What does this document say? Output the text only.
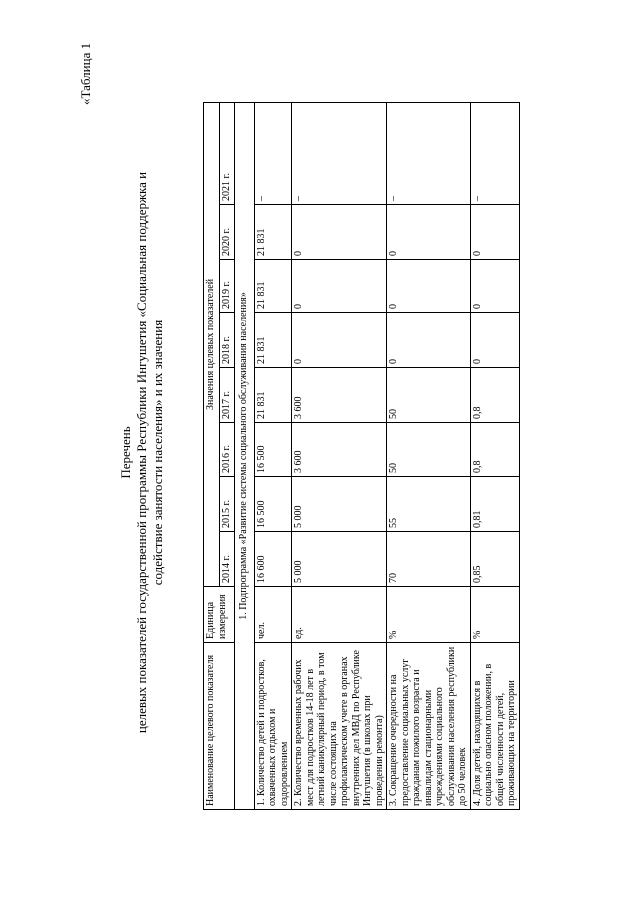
«Таблица 1
Перечень целевых показателей государственной программы Республики Ингушетия «Социальная поддержка и содействие занятости населения» и их значения
Наименование целевого показателя	Единица измерения	Значения целевых показателей							
		2014 г.	2015 г.	2016 г.	2017 г.	2018 г.	2019 г.	2020 г.	2021 г.
1. Подпрограмма «Развитие системы социального обслуживания населения»									
1. Количество детей и подростков, охваченных отдыхом и оздоровлением	чел.	16 600	16 500	16 500	21 831	21 831	21 831	21 831	–
2. Количество временных рабочих мест для подростков 14-18 лет в летний каникулярный период, в том числе состоящих на профилактическом учете в органах внутренних дел МВД по Республике Ингушетия (в школах при проведении ремонта)	ед.	5 000	5 000	3 600	3 600	0	0	0	–
3. Сокращение очередности на предоставление социальных услуг гражданам пожилого возраста и инвалидам стационарными учреждениями социального обслуживания населения республики до 50 человек	%	70	55	50	50	0	0	0	–
4. Доля детей, находящихся в социально опасном положении, в общей численности детей, проживающих на территории	%	0,85	0,81	0,8	0,8	0	0	0	–
